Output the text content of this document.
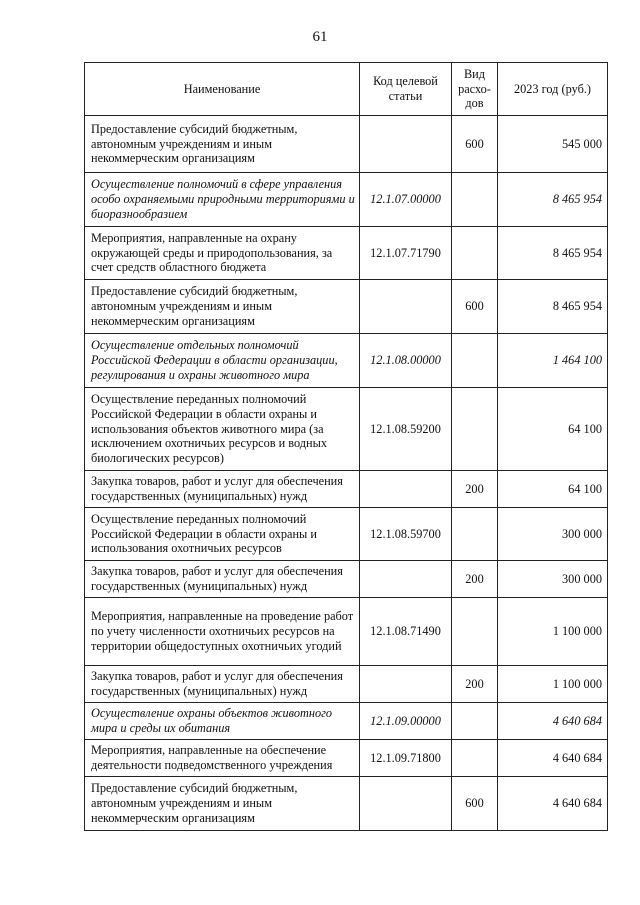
61
Наименование	Код целевой статьи	Вид расхо-дов	2023 год (руб.)
Предоставление субсидий бюджетным, автономным учреждениям и иным некоммерческим организациям		600	545 000
Осуществление полномочий в сфере управления особо охраняемыми природными территориями и биоразнообразием	12.1.07.00000		8 465 954
Мероприятия, направленные на охрану окружающей среды и природопользования, за счет средств областного бюджета	12.1.07.71790		8 465 954
Предоставление субсидий бюджетным, автономным учреждениям и иным некоммерческим организациям		600	8 465 954
Осуществление отдельных полномочий Российской Федерации в области организации, регулирования и охраны животного мира	12.1.08.00000		1 464 100
Осуществление переданных полномочий Российской Федерации в области охраны и использования объектов животного мира (за исключением охотничьих ресурсов и водных биологических ресурсов)	12.1.08.59200		64 100
Закупка товаров, работ и услуг для обеспечения государственных (муниципальных) нужд		200	64 100
Осуществление переданных полномочий Российской Федерации в области охраны и использования охотничьих ресурсов	12.1.08.59700		300 000
Закупка товаров, работ и услуг для обеспечения государственных (муниципальных) нужд		200	300 000
Мероприятия, направленные на проведение работ по учету численности охотничьих ресурсов на территории общедоступных охотничьих угодий	12.1.08.71490		1 100 000
Закупка товаров, работ и услуг для обеспечения государственных (муниципальных) нужд		200	1 100 000
Осуществление охраны объектов животного мира и среды их обитания	12.1.09.00000		4 640 684
Мероприятия, направленные на обеспечение деятельности подведомственного учреждения	12.1.09.71800		4 640 684
Предоставление субсидий бюджетным, автономным учреждениям и иным некоммерческим организациям		600	4 640 684
